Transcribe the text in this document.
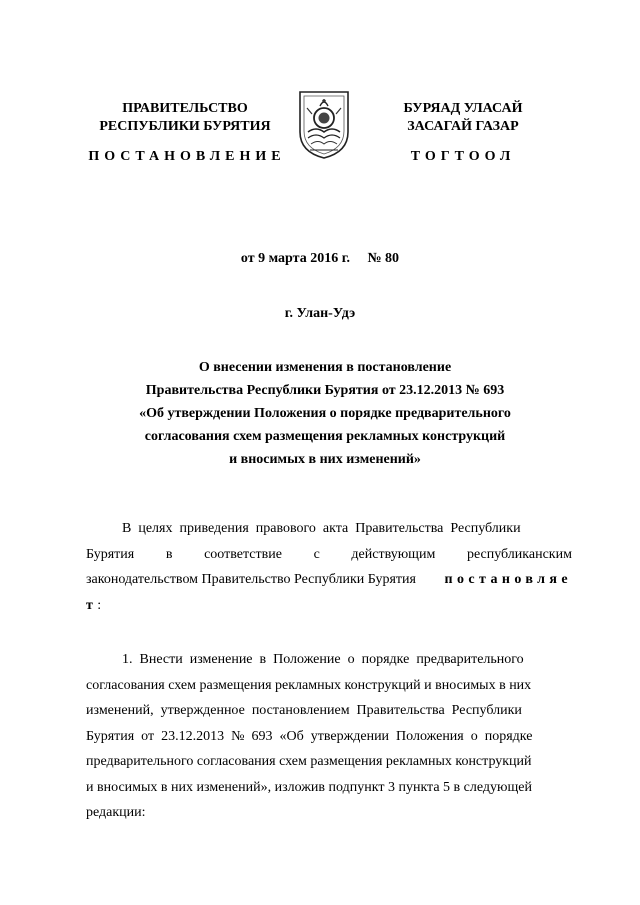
ПРАВИТЕЛЬСТВО
РЕСПУБЛИКИ БУРЯТИЯ
ПОСТАНОВЛЕНИЕ
БУРЯАД УЛАСАЙ
ЗАСАГАЙ ГАЗАР
ТОГТООЛ
от 9 марта 2016 г. № 80
г. Улан-Удэ
О внесении изменения в постановление
Правительства Республики Бурятия от 23.12.2013 № 693
«Об утверждении Положения о порядке предварительного
согласования схем размещения рекламных конструкций
и вносимых в них изменений»
В  целях  приведения  правового  акта  Правительства  Республики
Бурятия в соответствие с действующим республиканским
законодательством Правительство Республики Бурятия постановляе
т:
1.  Внести  изменение  в  Положение  о  порядке  предварительного
согласования схем размещения рекламных конструкций и вносимых в них
изменений,  утвержденное  постановлением  Правительства  Республики
Бурятия  от  23.12.2013  №  693  «Об  утверждении  Положения  о  порядке
предварительного согласования схем размещения рекламных конструкций
и вносимых в них изменений», изложив подпункт 3 пункта 5 в следующей
редакции:
